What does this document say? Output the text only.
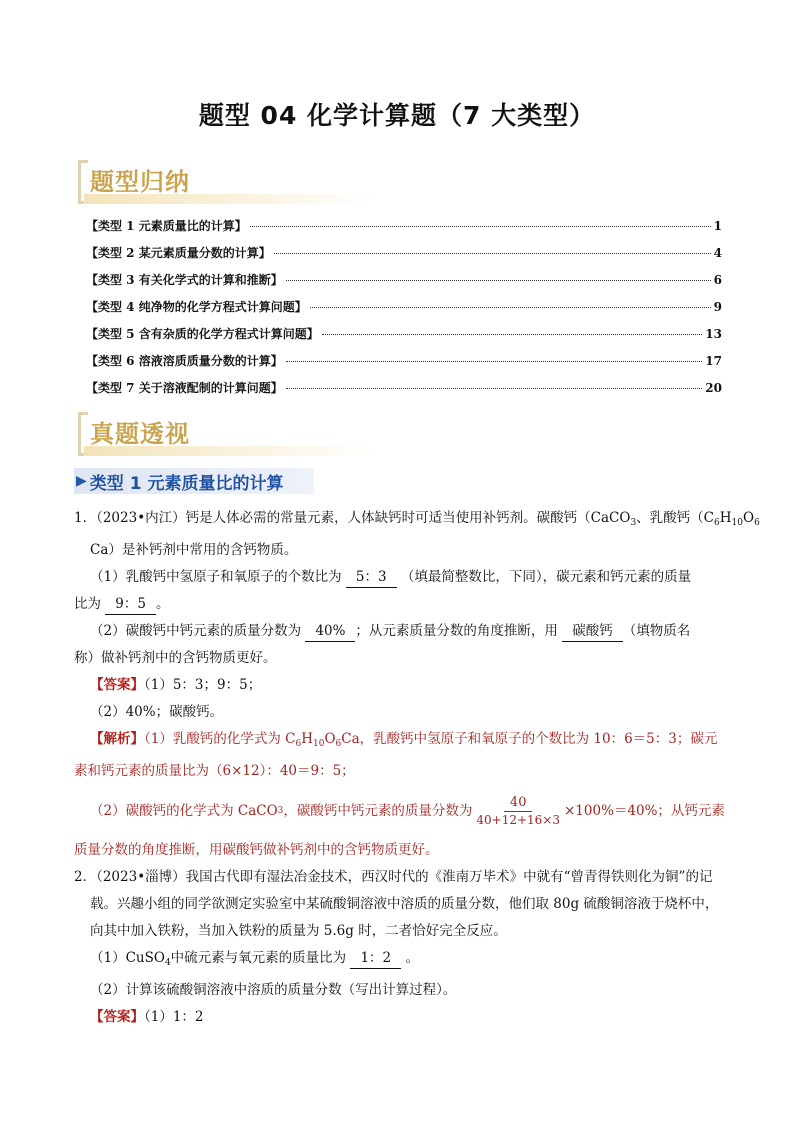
题型 04 化学计算题（7 大类型）
题型归纳
【类型 1 元素质量比的计算】	1
【类型 2 某元素质量分数的计算】	4
【类型 3 有关化学式的计算和推断】	6
【类型 4 纯净物的化学方程式计算问题】	9
【类型 5 含有杂质的化学方程式计算问题】	13
【类型 6 溶液溶质质量分数的计算】	17
【类型 7 关于溶液配制的计算问题】	20
真题透视
▶ 类型 1 元素质量比的计算
1．（2023•内江）钙是人体必需的常量元素，人体缺钙时可适当使用补钙剂。碳酸钙（CaCO$_3$、乳酸钙（$C_6H_{10}O_6$
Ca）是补钙剂中常用的含钙物质。
（1）乳酸钙中氢原子和氧原子的个数比为 5：3 （填最简整数比，下同），碳元素和钙元素的质量
比为 9：5 。
（2）碳酸钙中钙元素的质量分数为 40% ；从元素质量分数的角度推断，用 碳酸钙 （填物质名
称）做补钙剂中的含钙物质更好。
【答案】（1）5：3；9：5；
（2）40%；碳酸钙。
【解析】（1）乳酸钙的化学式为 $C_6H_{10}O_6Ca$，乳酸钙中氢原子和氧原子的个数比为 10：6＝5：3；碳元
素和钙元素的质量比为（6×12）：40＝9：5；
（2）碳酸钙的化学式为 CaCO 3 ，碳酸钙中钙元素的质量分数为 $\frac{40}{40+12+16\times 3} \times 100\%=40\%$；从钙元素
质量分数的角度推断，用碳酸钙做补钙剂中的含钙物质更好。
2．（2023•淄博）我国古代即有湿法冶金技术，西汉时代的《淮南万毕术》中就有“曾青得铁则化为铜”的记
载。兴趣小组的同学欲测定实验室中某硫酸铜溶液中溶质的质量分数，他们取 80g 硫酸铜溶液于烧杯中，
向其中加入铁粉，当加入铁粉的质量为 5.6g 时，二者恰好完全反应。
（1）CuSO$_4$中硫元素与氧元素的质量比为 1：2 。
（2）计算该硫酸铜溶液中溶质的质量分数（写出计算过程）。
【答案】（1）1：2
